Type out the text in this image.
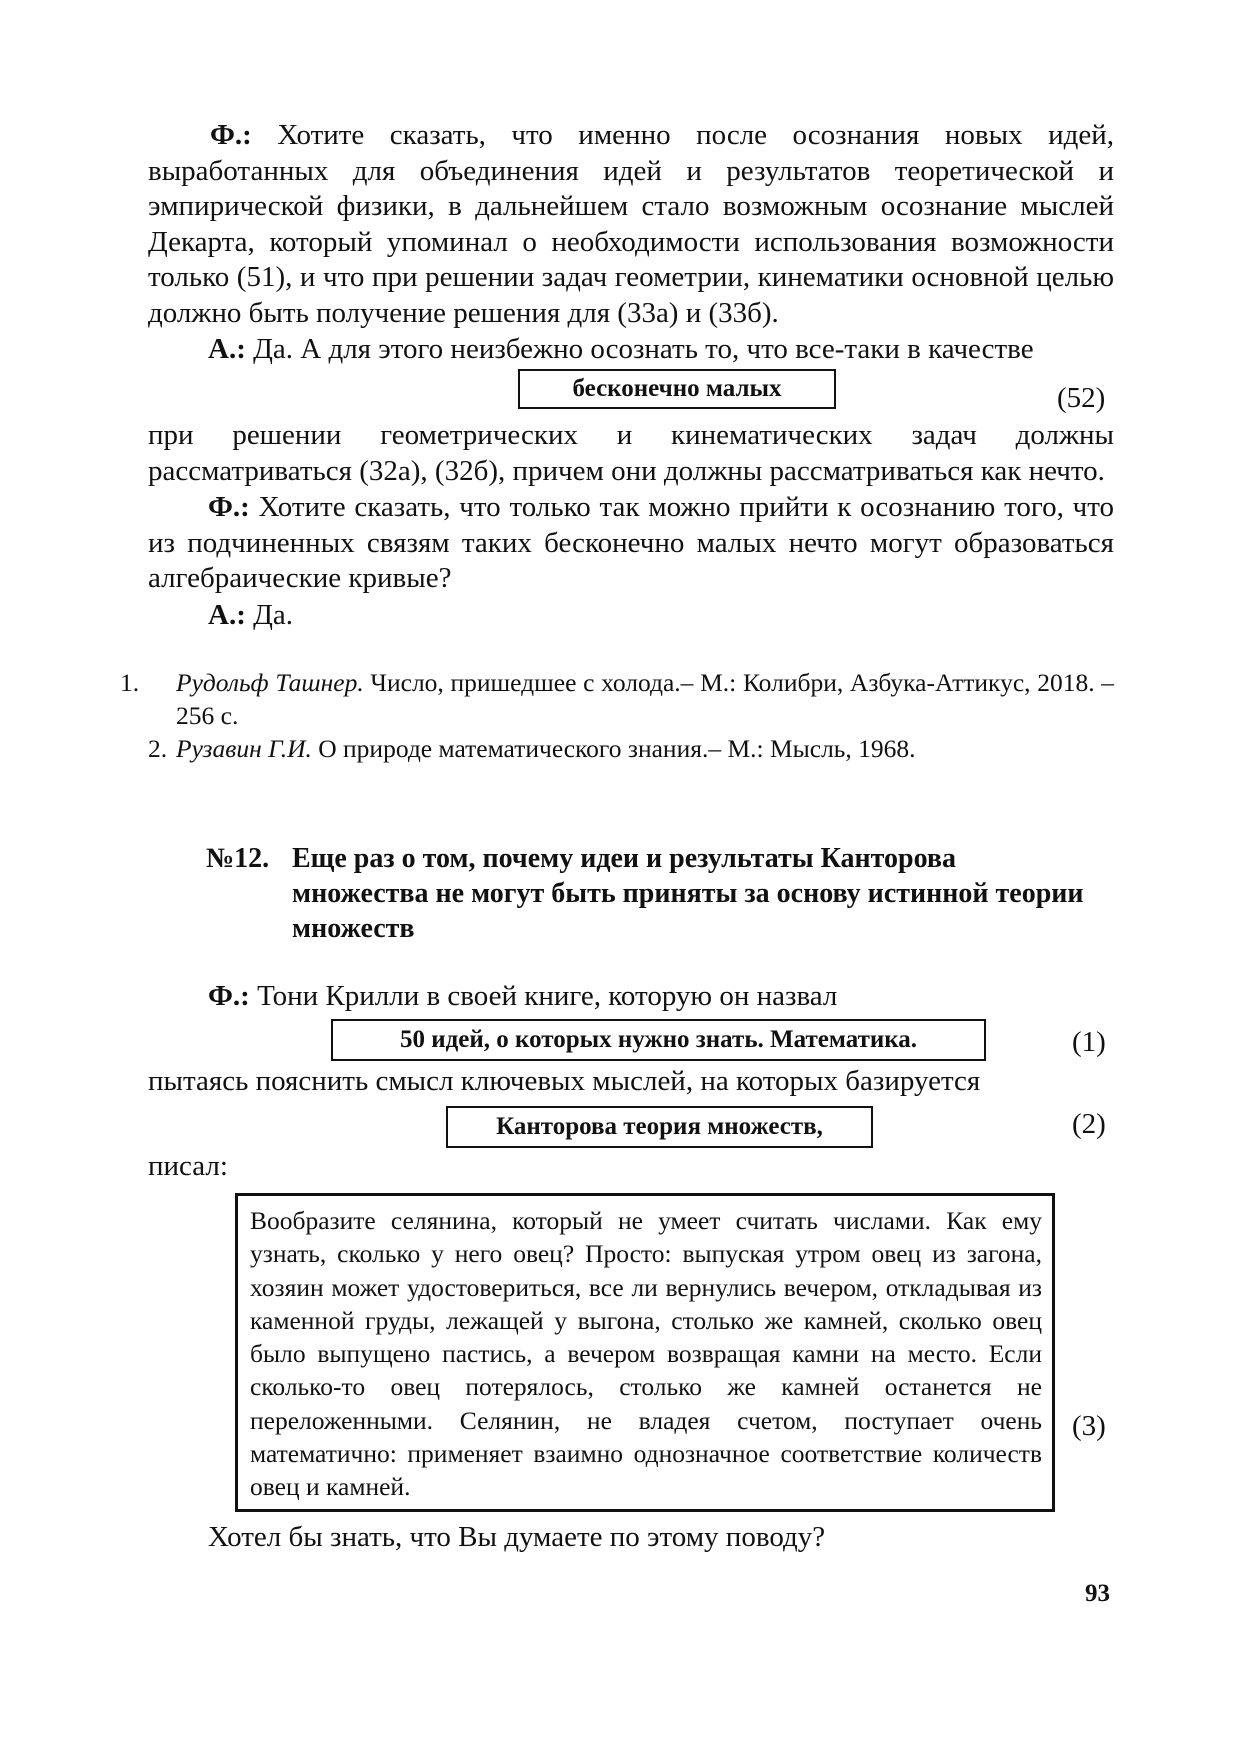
Ф.: Хотите сказать, что именно после осознания новых идей, выработанных для объединения идей и результатов теоретической и эмпирической физики, в дальнейшем стало возможным осознание мыслей Декарта, который упоминал о необходимости использования возможности только (51), и что при решении задач геометрии, кинематики основной целью должно быть получение решения для (33а) и (33б).

А.: Да. А для этого неизбежно осознать то, что все-таки в качестве

бесконечно малых	(52)

при решении геометрических и кинематических задач должны рассматриваться (32а), (32б), причем они должны рассматриваться как нечто.

Ф.: Хотите сказать, что только так можно прийти к осознанию того, что из подчиненных связям таких бесконечно малых нечто могут образоваться алгебраические кривые?

А.: Да.

1. Рудольф Ташнер. Число, пришедшее с холода.– М.: Колибри, Азбука-Аттикус, 2018. – 256 с.

2. Рузавин Г.И. О природе математического знания.– М.: Мысль, 1968.

№12. Еще раз о том, почему идеи и результаты Канторова множества не могут быть приняты за основу истинной теории множеств

Ф.: Тони Крилли в своей книге, которую он назвал

50 идей, о которых нужно знать. Математика.	(1)

пытаясь пояснить смысл ключевых мыслей, на которых базируется

Канторова теория множеств,	(2)

писал:

Вообразите селянина, который не умеет считать числами. Как ему узнать, сколько у него овец? Просто: выпуская утром овец из загона, хозяин может удостовериться, все ли вернулись вечером, откладывая из каменной груды, лежащей у выгона, столько же камней, сколько овец было выпущено пастись, а вечером возвращая камни на место. Если сколько-то овец потерялось, столько же камней останется не переложенными. Селянин, не владея счетом, поступает очень математично: применяет взаимно однозначное соответствие количеств овец и камней.
(3)

Хотел бы знать, что Вы думаете по этому поводу?

93
